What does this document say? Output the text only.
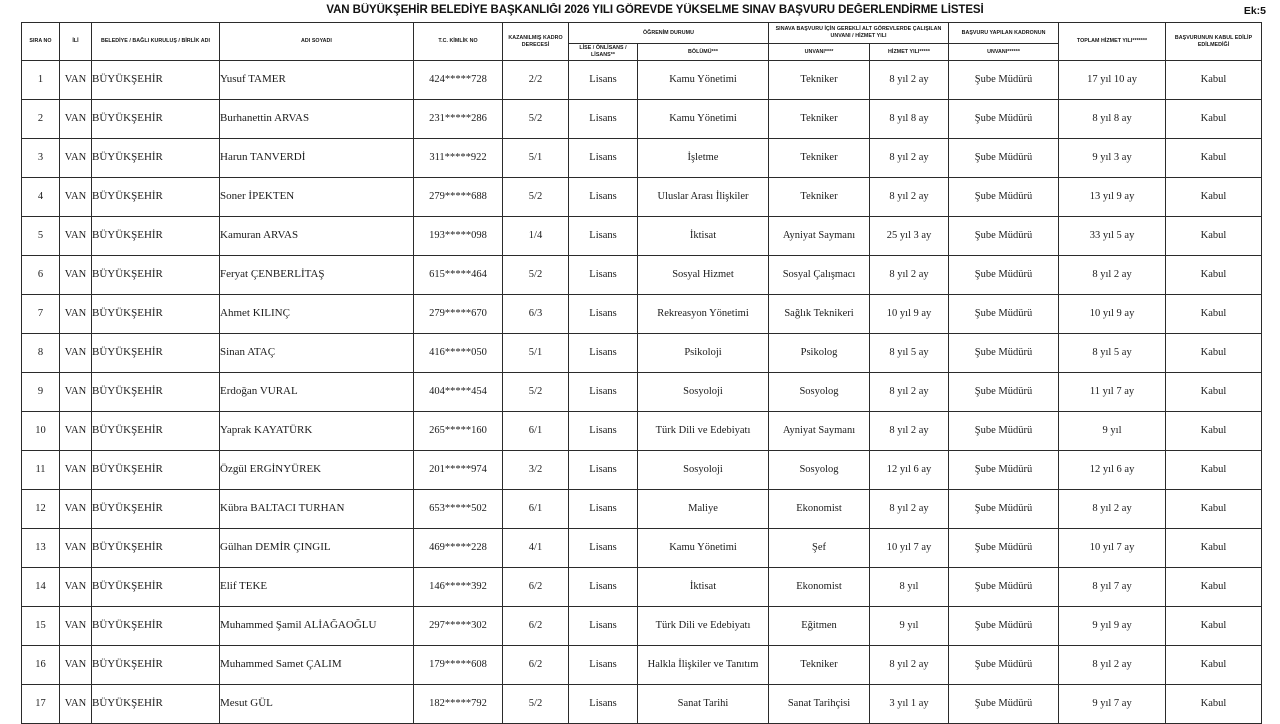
VAN BÜYÜKŞEHİR BELEDİYE BAŞKANLIĞI 2026 YILI GÖREVDE YÜKSELME SINAV BAŞVURU DEĞERLENDİRME LİSTESİ	Ek:5
SIRA NO	İLİ	BELEDİYE / BAĞLI KURULUŞ / BİRLİK ADI	ADI SOYADI	T.C. KİMLİK NO	KAZANILMIŞ KADRO DERECESİ	ÖĞRENİM DURUMU		SINAVA BAŞVURU İÇİN GEREKLİ ALT GÖREVLERDE ÇALIŞILAN UNVANI / HİZMET YILI		BAŞVURU YAPILAN KADRONUN	TOPLAM HİZMET YILI*******	BAŞVURUNUN KABUL EDİLİP EDİLMEDİĞİ
						LİSE / ÖNLİSANS / LİSANS**	BÖLÜMÜ***	UNVANI****	HİZMET YILI*****	UNVANI******		
1	VAN	BÜYÜKŞEHİR	Yusuf TAMER	424*****728	2/2	Lisans	Kamu Yönetimi	Tekniker	8 yıl 2 ay	Şube Müdürü	17 yıl 10 ay	Kabul
2	VAN	BÜYÜKŞEHİR	Burhanettin ARVAS	231*****286	5/2	Lisans	Kamu Yönetimi	Tekniker	8 yıl 8 ay	Şube Müdürü	8 yıl 8 ay	Kabul
3	VAN	BÜYÜKŞEHİR	Harun TANVERDİ	311*****922	5/1	Lisans	İşletme	Tekniker	8 yıl 2 ay	Şube Müdürü	9 yıl 3 ay	Kabul
4	VAN	BÜYÜKŞEHİR	Soner İPEKTEN	279*****688	5/2	Lisans	Uluslar Arası İlişkiler	Tekniker	8 yıl 2 ay	Şube Müdürü	13 yıl 9 ay	Kabul
5	VAN	BÜYÜKŞEHİR	Kamuran ARVAS	193*****098	1/4	Lisans	İktisat	Ayniyat Saymanı	25 yıl 3 ay	Şube Müdürü	33 yıl 5 ay	Kabul
6	VAN	BÜYÜKŞEHİR	Feryat ÇENBERLİTAŞ	615*****464	5/2	Lisans	Sosyal Hizmet	Sosyal Çalışmacı	8 yıl 2 ay	Şube Müdürü	8 yıl 2 ay	Kabul
7	VAN	BÜYÜKŞEHİR	Ahmet KILINÇ	279*****670	6/3	Lisans	Rekreasyon Yönetimi	Sağlık Teknikeri	10 yıl 9 ay	Şube Müdürü	10 yıl 9 ay	Kabul
8	VAN	BÜYÜKŞEHİR	Sinan ATAÇ	416*****050	5/1	Lisans	Psikoloji	Psikolog	8 yıl 5 ay	Şube Müdürü	8 yıl 5 ay	Kabul
9	VAN	BÜYÜKŞEHİR	Erdoğan VURAL	404*****454	5/2	Lisans	Sosyoloji	Sosyolog	8 yıl 2 ay	Şube Müdürü	11 yıl 7 ay	Kabul
10	VAN	BÜYÜKŞEHİR	Yaprak KAYATÜRK	265*****160	6/1	Lisans	Türk Dili ve Edebiyatı	Ayniyat Saymanı	8 yıl 2 ay	Şube Müdürü	9 yıl	Kabul
11	VAN	BÜYÜKŞEHİR	Özgül ERGİNYÜREK	201*****974	3/2	Lisans	Sosyoloji	Sosyolog	12 yıl 6 ay	Şube Müdürü	12 yıl 6 ay	Kabul
12	VAN	BÜYÜKŞEHİR	Kübra BALTACI TURHAN	653*****502	6/1	Lisans	Maliye	Ekonomist	8 yıl 2 ay	Şube Müdürü	8 yıl 2 ay	Kabul
13	VAN	BÜYÜKŞEHİR	Gülhan DEMİR ÇINGIL	469*****228	4/1	Lisans	Kamu Yönetimi	Şef	10 yıl 7 ay	Şube Müdürü	10 yıl 7 ay	Kabul
14	VAN	BÜYÜKŞEHİR	Elif TEKE	146*****392	6/2	Lisans	İktisat	Ekonomist	8 yıl	Şube Müdürü	8 yıl 7 ay	Kabul
15	VAN	BÜYÜKŞEHİR	Muhammed Şamil ALİAĞAOĞLU	297*****302	6/2	Lisans	Türk Dili ve Edebiyatı	Eğitmen	9 yıl	Şube Müdürü	9 yıl 9 ay	Kabul
16	VAN	BÜYÜKŞEHİR	Muhammed Samet ÇALIM	179*****608	6/2	Lisans	Halkla İlişkiler ve Tanıtım	Tekniker	8 yıl 2 ay	Şube Müdürü	8 yıl 2 ay	Kabul
17	VAN	BÜYÜKŞEHİR	Mesut GÜL	182*****792	5/2	Lisans	Sanat Tarihi	Sanat Tarihçisi	3 yıl 1 ay	Şube Müdürü	9 yıl 7 ay	Kabul
